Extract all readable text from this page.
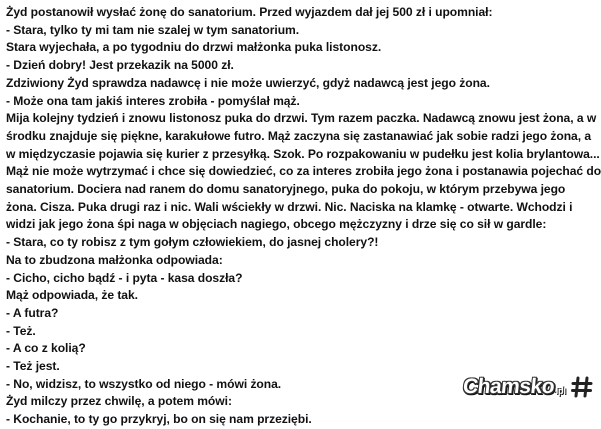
Żyd postanowił wysłać żonę do sanatorium. Przed wyjazdem dał jej 500 zł i upomniał:
- Stara, tylko ty mi tam nie szalej w tym sanatorium.
Stara wyjechała, a po tygodniu do drzwi małżonka puka listonosz.
- Dzień dobry! Jest przekazik na 5000 zł.
Zdziwiony Żyd sprawdza nadawcę i nie może uwierzyć, gdyż nadawcą jest jego żona.
- Może ona tam jakiś interes zrobiła - pomyślał mąż.
Mija kolejny tydzień i znowu listonosz puka do drzwi. Tym razem paczka. Nadawcą znowu jest żona, a w
środku znajduje się piękne, karakułowe futro. Mąż zaczyna się zastanawiać jak sobie radzi jego żona, a
w międzyczasie pojawia się kurier z przesyłką. Szok. Po rozpakowaniu w pudełku jest kolia brylantowa...
Mąż nie może wytrzymać i chce się dowiedzieć, co za interes zrobiła jego żona i postanawia pojechać do
sanatorium. Dociera nad ranem do domu sanatoryjnego, puka do pokoju, w którym przebywa jego
żona. Cisza. Puka drugi raz i nic. Wali wściekły w drzwi. Nic. Naciska na klamkę - otwarte. Wchodzi i
widzi jak jego żona śpi naga w objęciach nagiego, obcego mężczyzny i drze się co sił w gardle:
- Stara, co ty robisz z tym gołym człowiekiem, do jasnej cholery?!
Na to zbudzona małżonka odpowiada:
- Cicho, cicho bądź - i pyta - kasa doszła?
Mąż odpowiada, że tak.
- A futra?
- Też.
- A co z kolią?
- Też jest.
- No, widzisz, to wszystko od niego - mówi żona.
Żyd milczy przez chwilę, a potem mówi:
- Kochanie, to ty go przykryj, bo on się nam przeziębi.
Chamsko .pl
